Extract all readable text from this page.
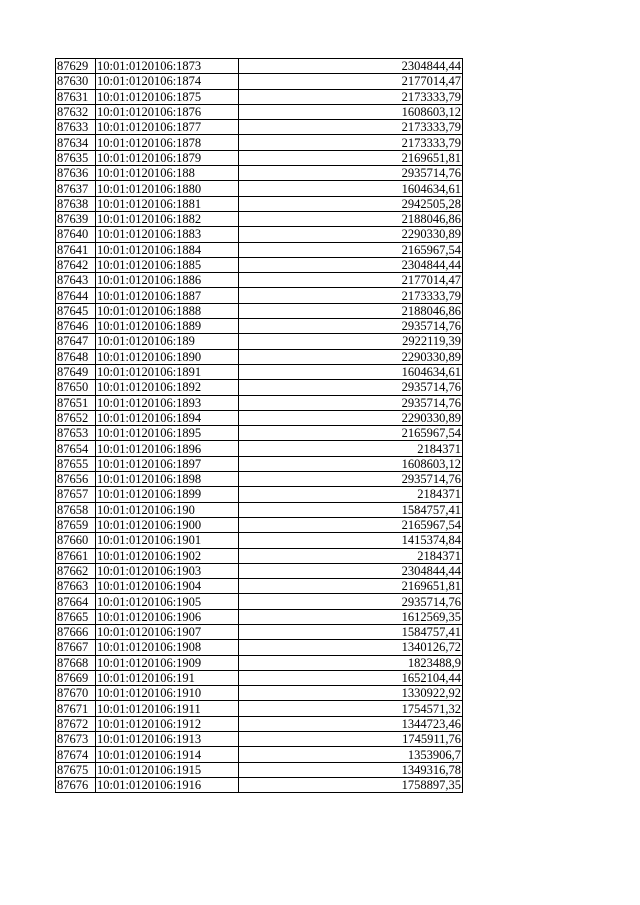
87629	10:01:0120106:1873	2304844,44
87630	10:01:0120106:1874	2177014,47
87631	10:01:0120106:1875	2173333,79
87632	10:01:0120106:1876	1608603,12
87633	10:01:0120106:1877	2173333,79
87634	10:01:0120106:1878	2173333,79
87635	10:01:0120106:1879	2169651,81
87636	10:01:0120106:188	2935714,76
87637	10:01:0120106:1880	1604634,61
87638	10:01:0120106:1881	2942505,28
87639	10:01:0120106:1882	2188046,86
87640	10:01:0120106:1883	2290330,89
87641	10:01:0120106:1884	2165967,54
87642	10:01:0120106:1885	2304844,44
87643	10:01:0120106:1886	2177014,47
87644	10:01:0120106:1887	2173333,79
87645	10:01:0120106:1888	2188046,86
87646	10:01:0120106:1889	2935714,76
87647	10:01:0120106:189	2922119,39
87648	10:01:0120106:1890	2290330,89
87649	10:01:0120106:1891	1604634,61
87650	10:01:0120106:1892	2935714,76
87651	10:01:0120106:1893	2935714,76
87652	10:01:0120106:1894	2290330,89
87653	10:01:0120106:1895	2165967,54
87654	10:01:0120106:1896	2184371
87655	10:01:0120106:1897	1608603,12
87656	10:01:0120106:1898	2935714,76
87657	10:01:0120106:1899	2184371
87658	10:01:0120106:190	1584757,41
87659	10:01:0120106:1900	2165967,54
87660	10:01:0120106:1901	1415374,84
87661	10:01:0120106:1902	2184371
87662	10:01:0120106:1903	2304844,44
87663	10:01:0120106:1904	2169651,81
87664	10:01:0120106:1905	2935714,76
87665	10:01:0120106:1906	1612569,35
87666	10:01:0120106:1907	1584757,41
87667	10:01:0120106:1908	1340126,72
87668	10:01:0120106:1909	1823488,9
87669	10:01:0120106:191	1652104,44
87670	10:01:0120106:1910	1330922,92
87671	10:01:0120106:1911	1754571,32
87672	10:01:0120106:1912	1344723,46
87673	10:01:0120106:1913	1745911,76
87674	10:01:0120106:1914	1353906,7
87675	10:01:0120106:1915	1349316,78
87676	10:01:0120106:1916	1758897,35
